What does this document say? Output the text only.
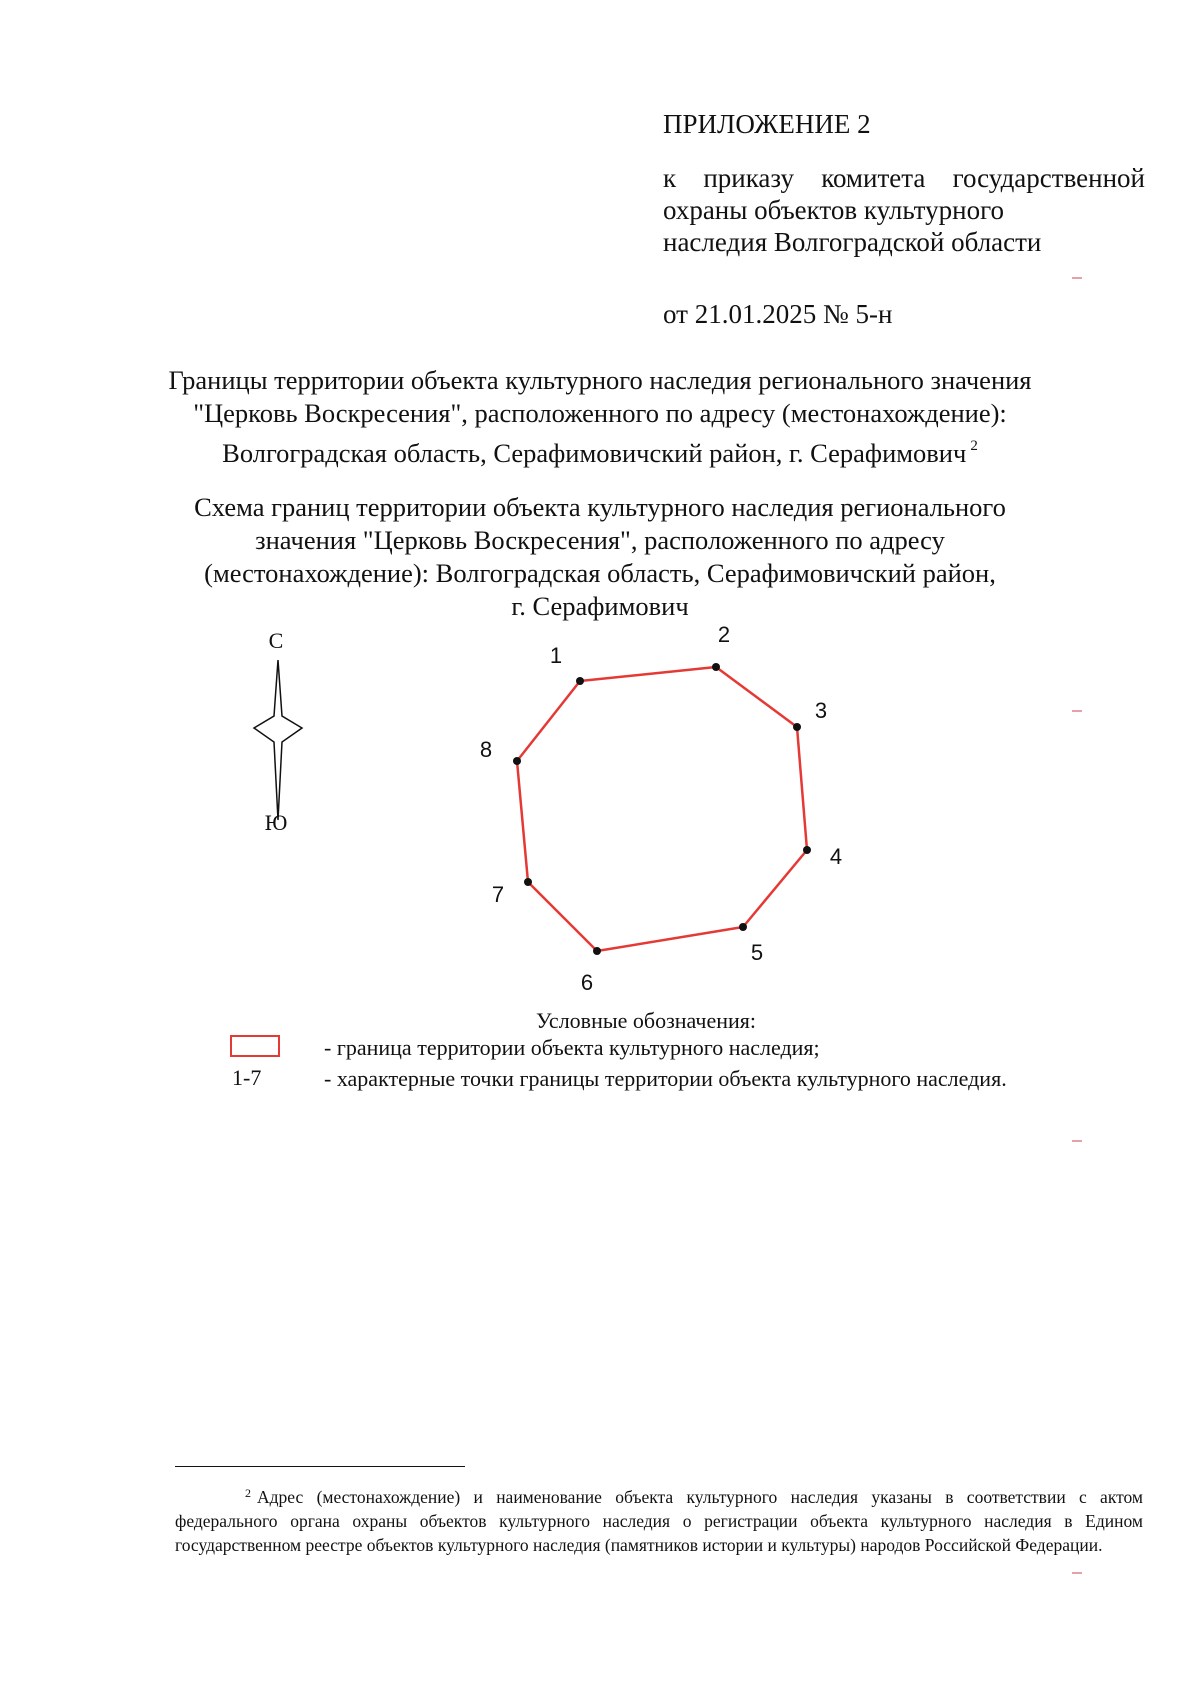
ПРИЛОЖЕНИЕ 2
к приказу комитета государственной
охраны объектов культурного
наследия Волгоградской области
от 21.01.2025 № 5-н
Границы территории объекта культурного наследия регионального значения
"Церковь Воскресения", расположенного по адресу (местонахождение):
Волгоградская область, Серафимовичский район, г. Серафимович $^2$
Схема границ территории объекта культурного наследия регионального
значения "Церковь Воскресения", расположенного по адресу
(местонахождение): Волгоградская область, Серафимовичский район,
г. Серафимович
С
Ю
1
2
3
4
5
6
7
8
Условные обозначения:
- граница территории объекта культурного наследия;
1-7	- характерные точки границы территории объекта культурного наследия.
$^2$ Адрес (местонахождение) и наименование объекта культурного наследия указаны в соответствии с актом федерального органа охраны объектов культурного наследия о регистрации объекта культурного наследия в Едином государственном реестре объектов культурного наследия (памятников истории и культуры) народов Российской Федерации.
